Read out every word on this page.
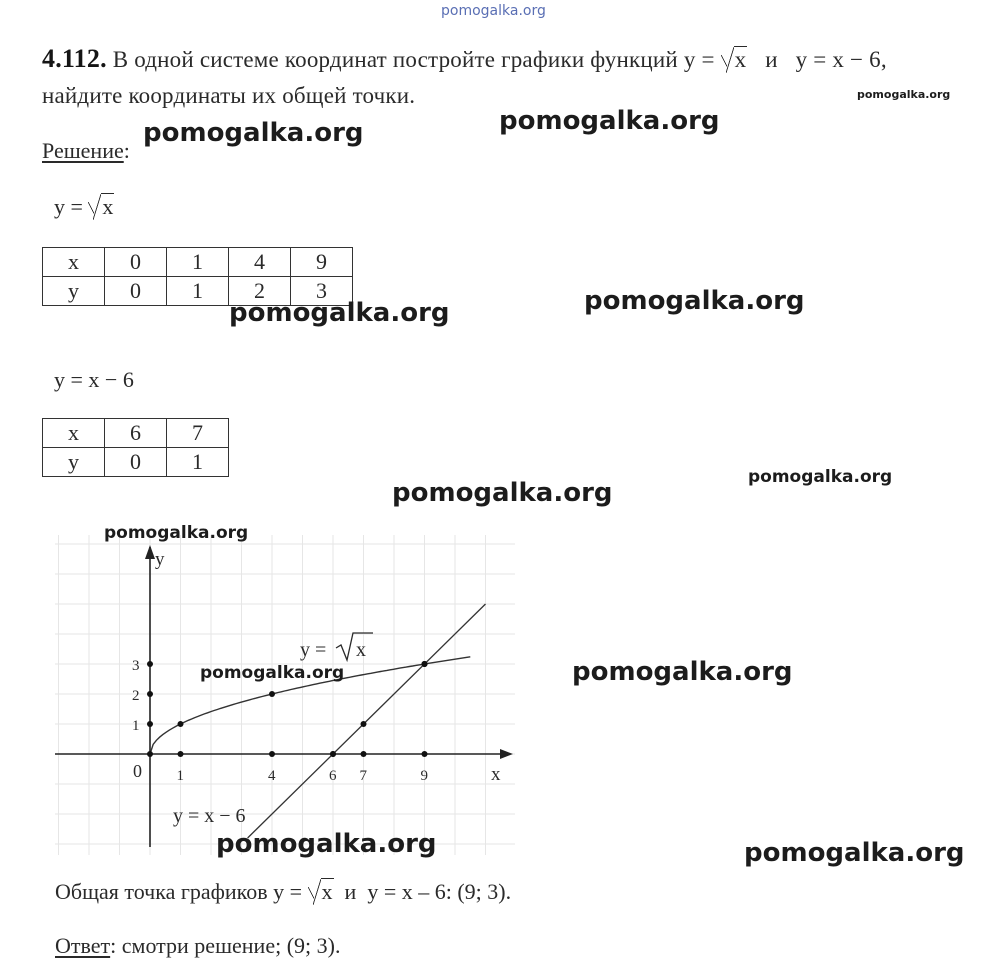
pomogalka.org
4.112. В одной системе координат постройте графики функций y = x и y = x − 6,
найдите координаты их общей точки.
Решение:
y = x
x	0	1	4	9
y	0	1	2	3
y = x − 6
x	6	7
y	0	1
1	4	6 7	9
1
2
3
x
y
0
y = x
y = x − 6
Общая точка графиков y = x и y = x – 6: (9; 3).
Ответ: смотри решение; (9; 3).
pomogalka.org	pomogalka.org
pomogalka.org
pomogalka.org
pomogalka.org
pomogalka.org
pomogalka.org
pomogalka.org
pomogalka.org	pomogalka.org
pomogalka.org	pomogalka.org
